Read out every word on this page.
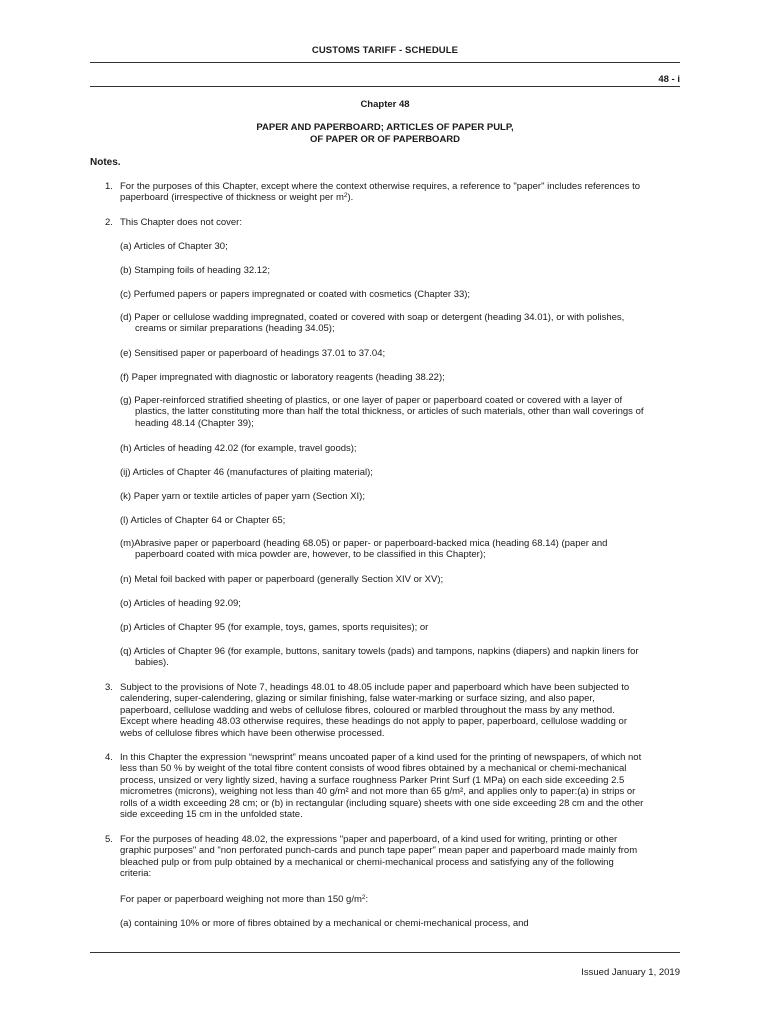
CUSTOMS TARIFF - SCHEDULE
48 - i
Chapter 48
PAPER AND PAPERBOARD; ARTICLES OF PAPER PULP,
OF PAPER OR OF PAPERBOARD
Notes.
1. For the purposes of this Chapter, except where the context otherwise requires, a reference to "paper" includes references to
paperboard (irrespective of thickness or weight per $m^2$).
2. This Chapter does not cover:
(a) Articles of Chapter 30;
(b) Stamping foils of heading 32.12;
(c) Perfumed papers or papers impregnated or coated with cosmetics (Chapter 33);
(d) Paper or cellulose wadding impregnated, coated or covered with soap or detergent (heading 34.01), or with polishes,
creams or similar preparations (heading 34.05);
(e) Sensitised paper or paperboard of headings 37.01 to 37.04;
(f) Paper impregnated with diagnostic or laboratory reagents (heading 38.22);
(g) Paper-reinforced stratified sheeting of plastics, or one layer of paper or paperboard coated or covered with a layer of
plastics, the latter constituting more than half the total thickness, or articles of such materials, other than wall coverings of
heading 48.14 (Chapter 39);
(h) Articles of heading 42.02 (for example, travel goods);
(ij) Articles of Chapter 46 (manufactures of plaiting material);
(k) Paper yarn or textile articles of paper yarn (Section XI);
(l) Articles of Chapter 64 or Chapter 65;
(m)Abrasive paper or paperboard (heading 68.05) or paper- or paperboard-backed mica (heading 68.14) (paper and
paperboard coated with mica powder are, however, to be classified in this Chapter);
(n) Metal foil backed with paper or paperboard (generally Section XIV or XV);
(o) Articles of heading 92.09;
(p) Articles of Chapter 95 (for example, toys, games, sports requisites); or
(q) Articles of Chapter 96 (for example, buttons, sanitary towels (pads) and tampons, napkins (diapers) and napkin liners for
babies).
3. Subject to the provisions of Note 7, headings 48.01 to 48.05 include paper and paperboard which have been subjected to
calendering, super-calendering, glazing or similar finishing, false water-marking or surface sizing, and also paper,
paperboard, cellulose wadding and webs of cellulose fibres, coloured or marbled throughout the mass by any method.
Except where heading 48.03 otherwise requires, these headings do not apply to paper, paperboard, cellulose wadding or
webs of cellulose fibres which have been otherwise processed.
4. In this Chapter the expression “newsprint” means uncoated paper of a kind used for the printing of newspapers, of which not
less than 50 % by weight of the total fibre content consists of wood fibres obtained by a mechanical or chemi-mechanical
process, unsized or very lightly sized, having a surface roughness Parker Print Surf (1 MPa) on each side exceeding 2.5
micrometres (microns), weighing not less than 40 g/m² and not more than 65 g/m², and applies only to paper:(a) in strips or
rolls of a width exceeding 28 cm; or (b) in rectangular (including square) sheets with one side exceeding 28 cm and the other
side exceeding 15 cm in the unfolded state.
5. For the purposes of heading 48.02, the expressions "paper and paperboard, of a kind used for writing, printing or other
graphic purposes" and "non perforated punch-cards and punch tape paper" mean paper and paperboard made mainly from
bleached pulp or from pulp obtained by a mechanical or chemi-mechanical process and satisfying any of the following
criteria:
For paper or paperboard weighing not more than 150 $g/m^2$:
(a) containing 10% or more of fibres obtained by a mechanical or chemi-mechanical process, and
Issued January 1, 2019
